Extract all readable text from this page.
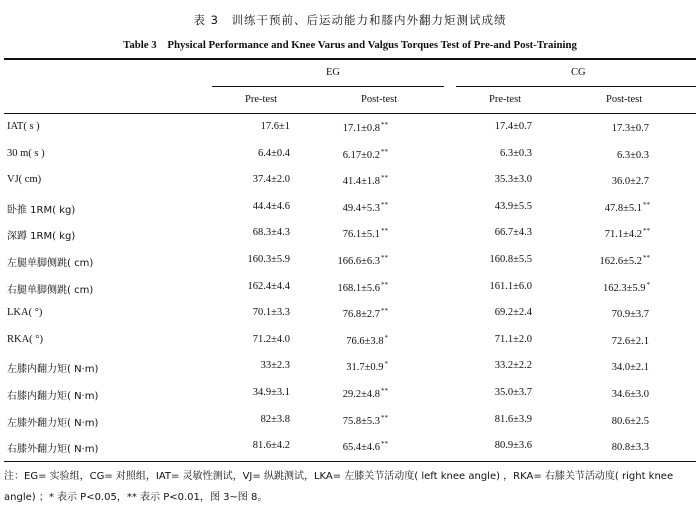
表 3　训练干预前、后运动能力和膝内外翻力矩测试成绩
Table 3　Physical Performance and Knee Varus and Valgus Torques Test of Pre-and Post-Training
EG	CG
Pre-test	Post-test	Pre-test	Post-test
IAT( s )	17.6±1	17.1±0.8**	17.4±0.7	17.3±0.7
30 m( s )	6.4±0.4	6.17±0.2**	6.3±0.3	6.3±0.3
VJ( cm)	37.4±2.0	41.4±1.8**	35.3±3.0	36.0±2.7
卧推 1RM( kg)	44.4±4.6	49.4+5.3**	43.9±5.5	47.8±5.1**
深蹲 1RM( kg)	68.3±4.3	76.1±5.1**	66.7±4.3	71.1±4.2**
左腿单脚侧跳( cm)	160.3±5.9	166.6±6.3**	160.8±5.5	162.6±5.2**
右腿单脚侧跳( cm)	162.4±4.4	168.1±5.6**	161.1±6.0	162.3±5.9*
LKA( °)	70.1±3.3	76.8±2.7**	69.2±2.4	70.9±3.7
RKA( °)	71.2±4.0	76.6±3.8*	71.1±2.0	72.6±2.1
左膝内翻力矩( N·m)	33±2.3	31.7±0.9*	33.2±2.2	34.0±2.1
右膝内翻力矩( N·m)	34.9±3.1	29.2±4.8**	35.0±3.7	34.6±3.0
左膝外翻力矩( N·m)	82±3.8	75.8±5.3**	81.6±3.9	80.6±2.5
右膝外翻力矩( N·m)	81.6±4.2	65.4±4.6**	80.9±3.6	80.8±3.3
注：EG= 实验组，CG= 对照组，IAT= 灵敏性测试，VJ= 纵跳测试，LKA= 左膝关节活动度( left knee angle) ，RKA= 右膝关节活动度( right knee angle) ；* 表示 P<0.05，** 表示 P<0.01，图 3~图 8。
